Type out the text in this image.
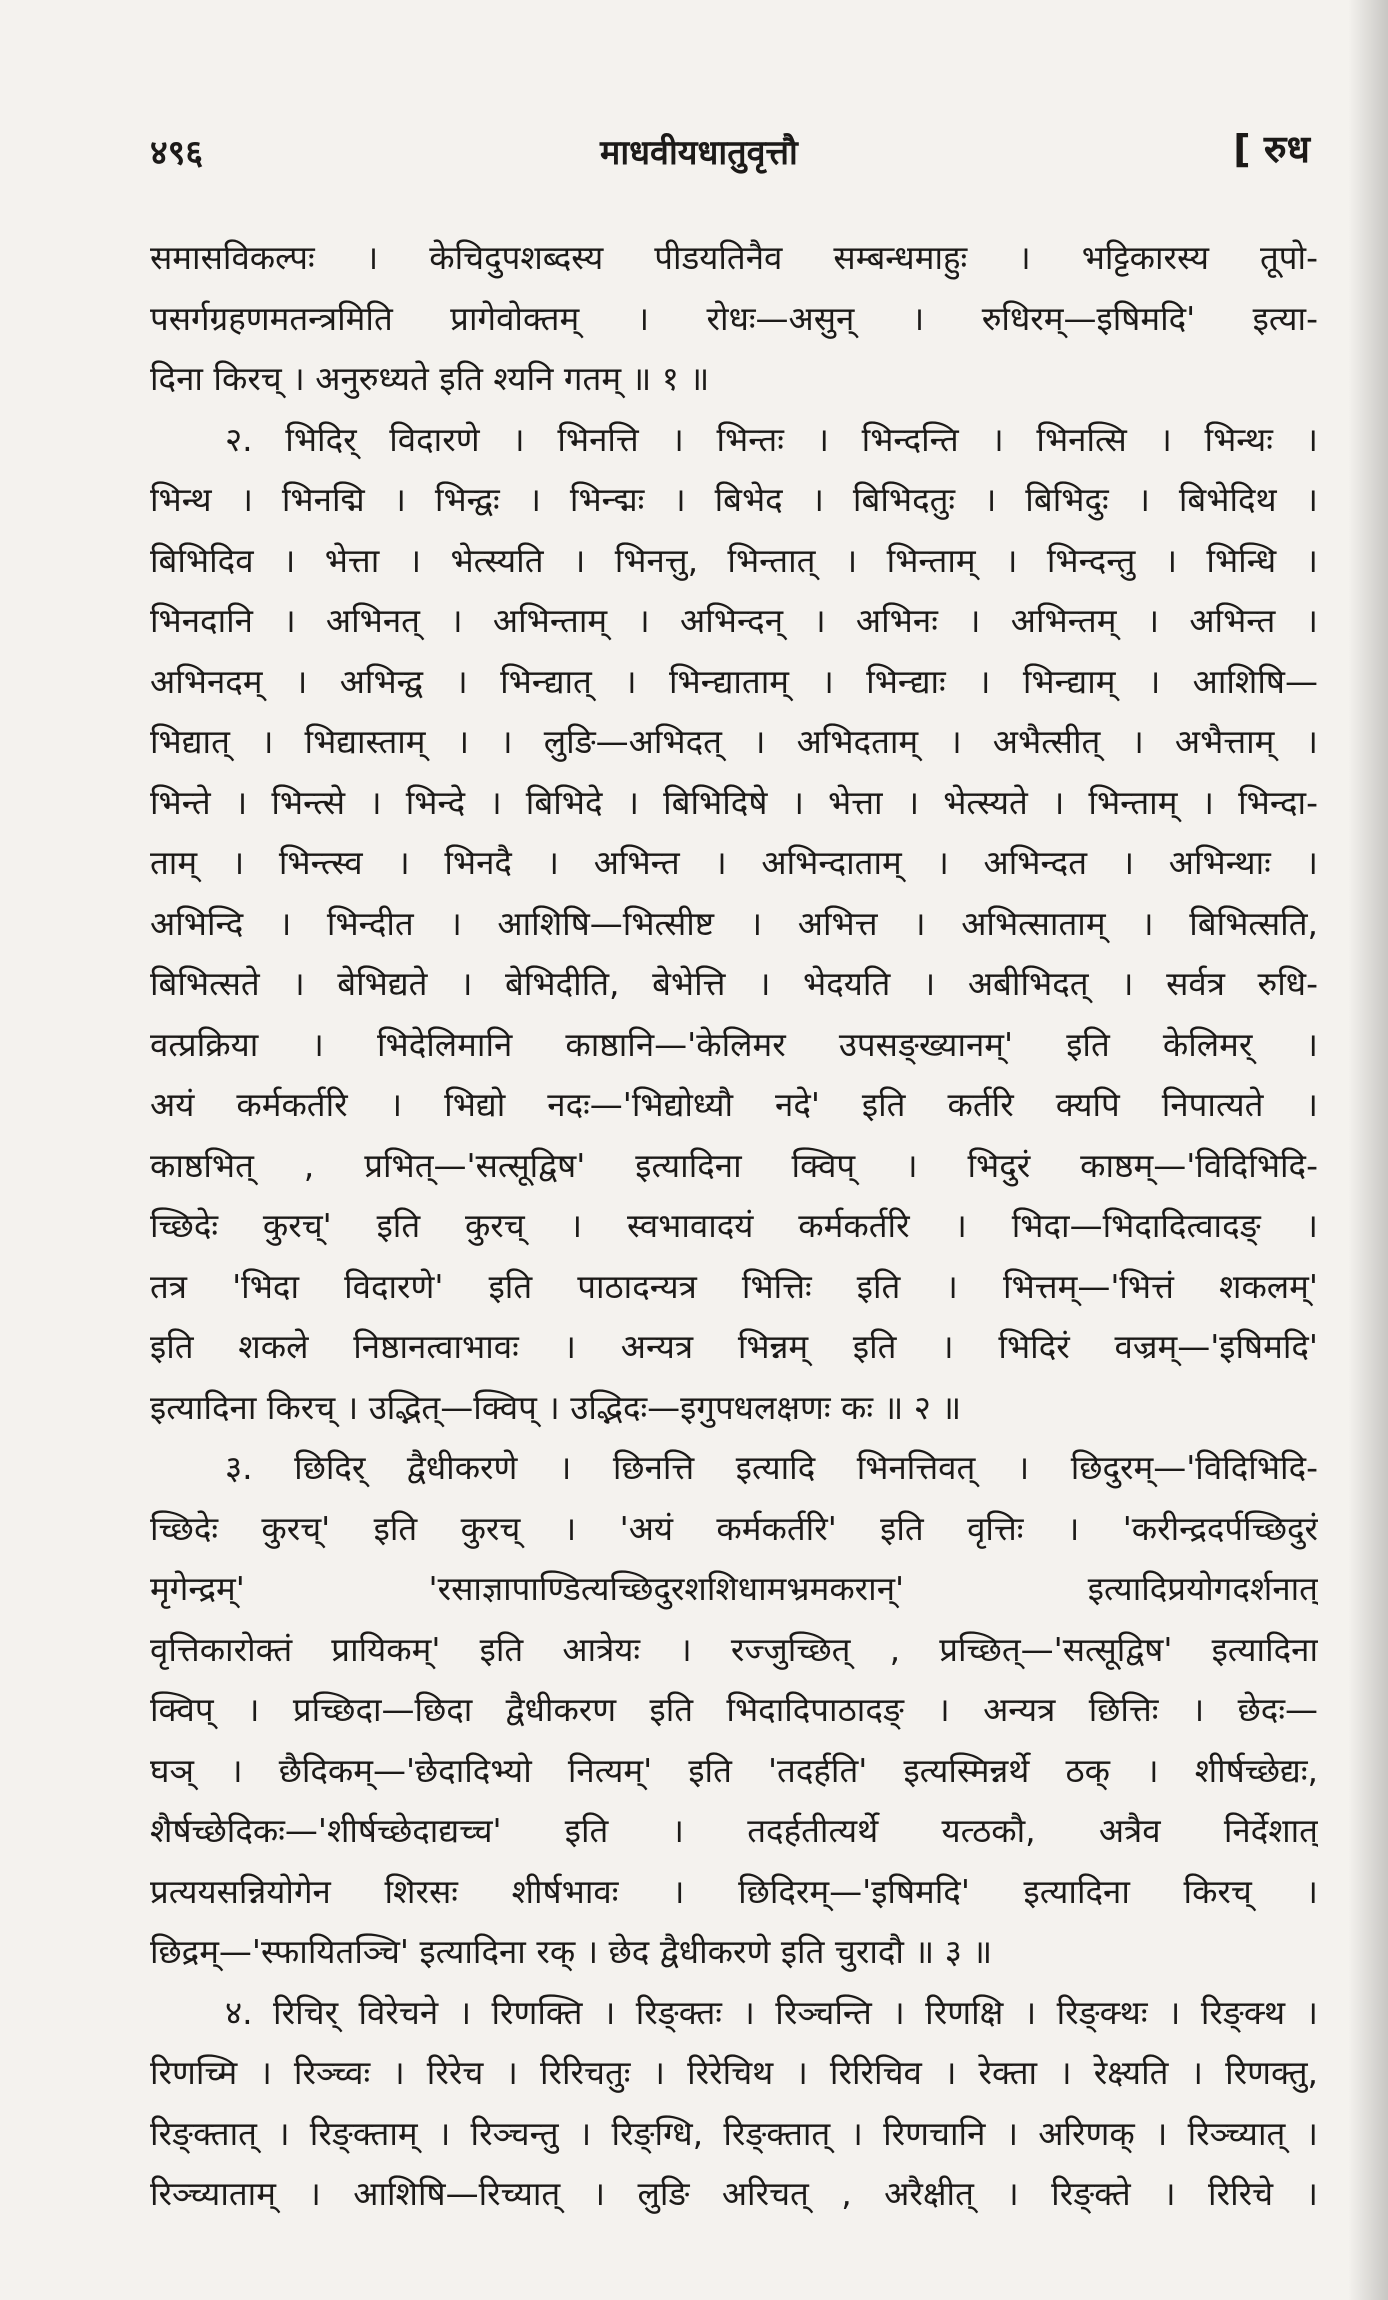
४९६	माधवीयधातुवृत्तौ	[ रुध
समासविकल्पः । केचिदुपशब्दस्य पीडयतिनैव सम्बन्धमाहुः । भट्टिकारस्य तूपो-
पसर्गग्रहणमतन्त्रमिति प्रागेवोक्तम् । रोधः—असुन् । रुधिरम्—इषिमदि' इत्या-
दिना किरच् । अनुरुध्यते इति श्यनि गतम् ॥ १ ॥
२. भिदिर् विदारणे । भिनत्ति । भिन्तः । भिन्दन्ति । भिनत्सि । भिन्थः ।
भिन्थ । भिनद्मि । भिन्द्वः । भिन्द्मः । बिभेद । बिभिदतुः । बिभिदुः । बिभेदिथ ।
बिभिदिव । भेत्ता । भेत्स्यति । भिनत्तु, भिन्तात् । भिन्ताम् । भिन्दन्तु । भिन्धि ।
भिनदानि । अभिनत् । अभिन्ताम् । अभिन्दन् । अभिनः । अभिन्तम् । अभिन्त ।
अभिनदम् । अभिन्द्व । भिन्द्यात् । भिन्द्याताम् । भिन्द्याः । भिन्द्याम् । आशिषि—
भिद्यात् । भिद्यास्ताम् । । लुङि—अभिदत् । अभिदताम् । अभैत्सीत् । अभैत्ताम् ।
भिन्ते । भिन्त्से । भिन्दे । बिभिदे । बिभिदिषे । भेत्ता । भेत्स्यते । भिन्ताम् । भिन्दा-
ताम् । भिन्त्स्व । भिनदै । अभिन्त । अभिन्दाताम् । अभिन्दत । अभिन्थाः ।
अभिन्दि । भिन्दीत । आशिषि—भित्सीष्ट । अभित्त । अभित्साताम् । बिभित्सति,
बिभित्सते । बेभिद्यते । बेभिदीति, बेभेत्ति । भेदयति । अबीभिदत् । सर्वत्र रुधि-
वत्प्रक्रिया । भिदेलिमानि काष्ठानि—'केलिमर उपसङ्ख्यानम्' इति केलिमर् ।
अयं कर्मकर्तरि । भिद्यो नदः—'भिद्योध्यौ नदे' इति कर्तरि क्यपि निपात्यते ।
काष्ठभित् , प्रभित्—'सत्सूद्विष' इत्यादिना क्विप् । भिदुरं काष्ठम्—'विदिभिदि-
च्छिदेः कुरच्' इति कुरच् । स्वभावादयं कर्मकर्तरि । भिदा—भिदादित्वादङ् ।
तत्र 'भिदा विदारणे' इति पाठादन्यत्र भित्तिः इति । भित्तम्—'भित्तं शकलम्'
इति शकले निष्ठानत्वाभावः । अन्यत्र भिन्नम् इति । भिदिरं वज्रम्—'इषिमदि'
इत्यादिना किरच् । उद्भित्—क्विप् । उद्भिदः—इगुपधलक्षणः कः ॥ २ ॥
३. छिदिर् द्वैधीकरणे । छिनत्ति इत्यादि भिनत्तिवत् । छिदुरम्—'विदिभिदि-
च्छिदेः कुरच्' इति कुरच् । 'अयं कर्मकर्तरि' इति वृत्तिः । 'करीन्द्रदर्पच्छिदुरं
मृगेन्द्रम्' 'रसाज्ञापाण्डित्यच्छिदुरशशिधामभ्रमकरान्' इत्यादिप्रयोगदर्शनात्
वृत्तिकारोक्तं प्रायिकम्' इति आत्रेयः । रज्जुच्छित् , प्रच्छित्—'सत्सूद्विष' इत्यादिना
क्विप् । प्रच्छिदा—छिदा द्वैधीकरण इति भिदादिपाठादङ् । अन्यत्र छित्तिः । छेदः—
घञ् । छैदिकम्—'छेदादिभ्यो नित्यम्' इति 'तदर्हति' इत्यस्मिन्नर्थे ठक् । शीर्षच्छेद्यः,
शैर्षच्छेदिकः—'शीर्षच्छेदाद्यच्च' इति । तदर्हतीत्यर्थे यत्ठकौ, अत्रैव निर्देशात्
प्रत्ययसन्नियोगेन शिरसः शीर्षभावः । छिदिरम्—'इषिमदि' इत्यादिना किरच् ।
छिद्रम्—'स्फायितञ्चि' इत्यादिना रक् । छेद द्वैधीकरणे इति चुरादौ ॥ ३ ॥
४. रिचिर् विरेचने । रिणक्ति । रिङ्क्तः । रिञ्चन्ति । रिणक्षि । रिङ्क्थः । रिङ्क्थ ।
रिणच्मि । रिञ्च्वः । रिरेच । रिरिचतुः । रिरेचिथ । रिरिचिव । रेक्ता । रेक्ष्यति । रिणक्तु,
रिङ्क्तात् । रिङ्क्ताम् । रिञ्चन्तु । रिङ्ग्धि, रिङ्क्तात् । रिणचानि । अरिणक् । रिञ्च्यात् ।
रिञ्च्याताम् । आशिषि—रिच्यात् । लुङि अरिचत् , अरैक्षीत् । रिङ्क्ते । रिरिचे ।
